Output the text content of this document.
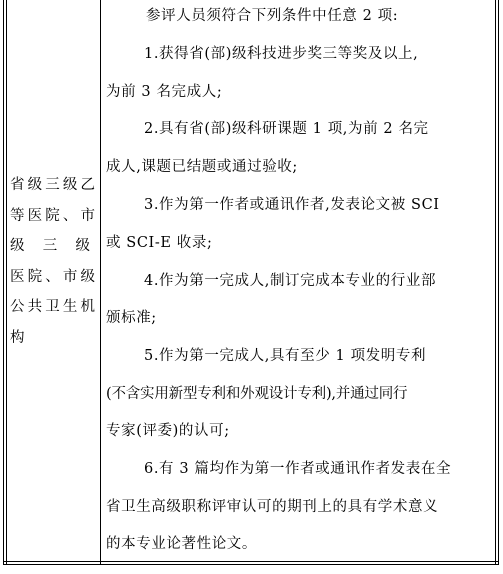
省级三级乙
等医院、市
级 三 级
医院、市级
公共卫生机
构
参评人员须符合下列条件中任意 2 项:
1.获得省(部)级科技进步奖三等奖及以上,
为前 3 名完成人;
2.具有省(部)级科研课题 1 项,为前 2 名完
成人,课题已结题或通过验收;
3.作为第一作者或通讯作者,发表论文被 SCI
或 SCI-E 收录;
4.作为第一完成人,制订完成本专业的行业部
颁标准;
5.作为第一完成人,具有至少 1 项发明专利
(不含实用新型专利和外观设计专利),并通过同行
专家(评委)的认可;
6.有 3 篇均作为第一作者或通讯作者发表在全
省卫生高级职称评审认可的期刊上的具有学术意义
的本专业论著性论文。
